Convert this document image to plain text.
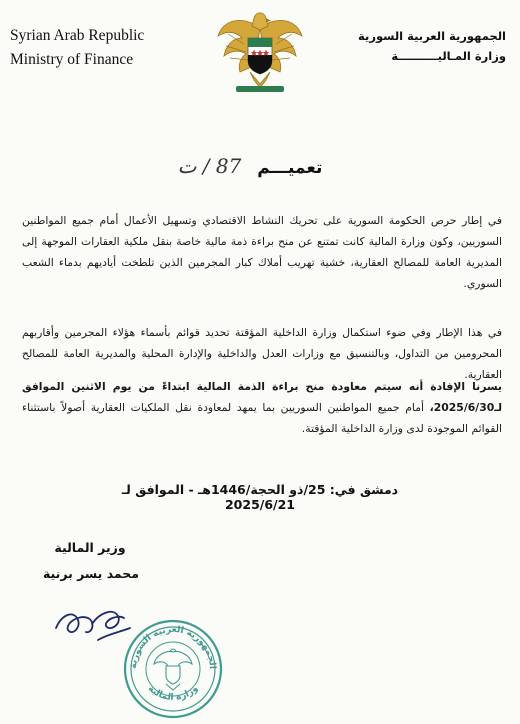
Syrian Arab Republic
Ministry of Finance
الجمهورية العربية السورية
وزارة المـاليــــــــــة
تعميـــم 87 / ت
في إطار حرص الحكومة السورية على تحريك النشاط الاقتصادي وتسهيل الأعمال أمام جميع المواطنين السوريين، وكون وزارة المالية كانت تمتنع عن منح براءة ذمة مالية خاصة بنقل ملكية العقارات الموجهة إلى المديرية العامة للمصالح العقارية، خشية تهريب أملاك كبار المجرمين الذين تلطخت أياديهم بدماء الشعب السوري.
في هذا الإطار وفي ضوء استكمال وزارة الداخلية المؤقتة تحديد قوائم بأسماء هؤلاء المجرمين وأقاربهم المحرومين من التداول، وبالتنسيق مع وزارات العدل والداخلية والإدارة المحلية والمديرية العامة للمصالح العقارية.
يسرنا الإفادة أنه سيتم معاودة منح براءة الذمة المالية ابتداءً من يوم الاثنين الموافق لـ2025/6/30، أمام جميع المواطنين السوريين بما يمهد لمعاودة نقل الملكيات العقارية أصولاً باستثناء القوائم الموجودة لدى وزارة الداخلية المؤقتة.
دمشق في: 25/ذو الحجة/1446هـ - الموافق لـ 2025/6/21
وزير المالية
محمد يسر برنية
الجمهورية العربية السورية
وزارة المالية
